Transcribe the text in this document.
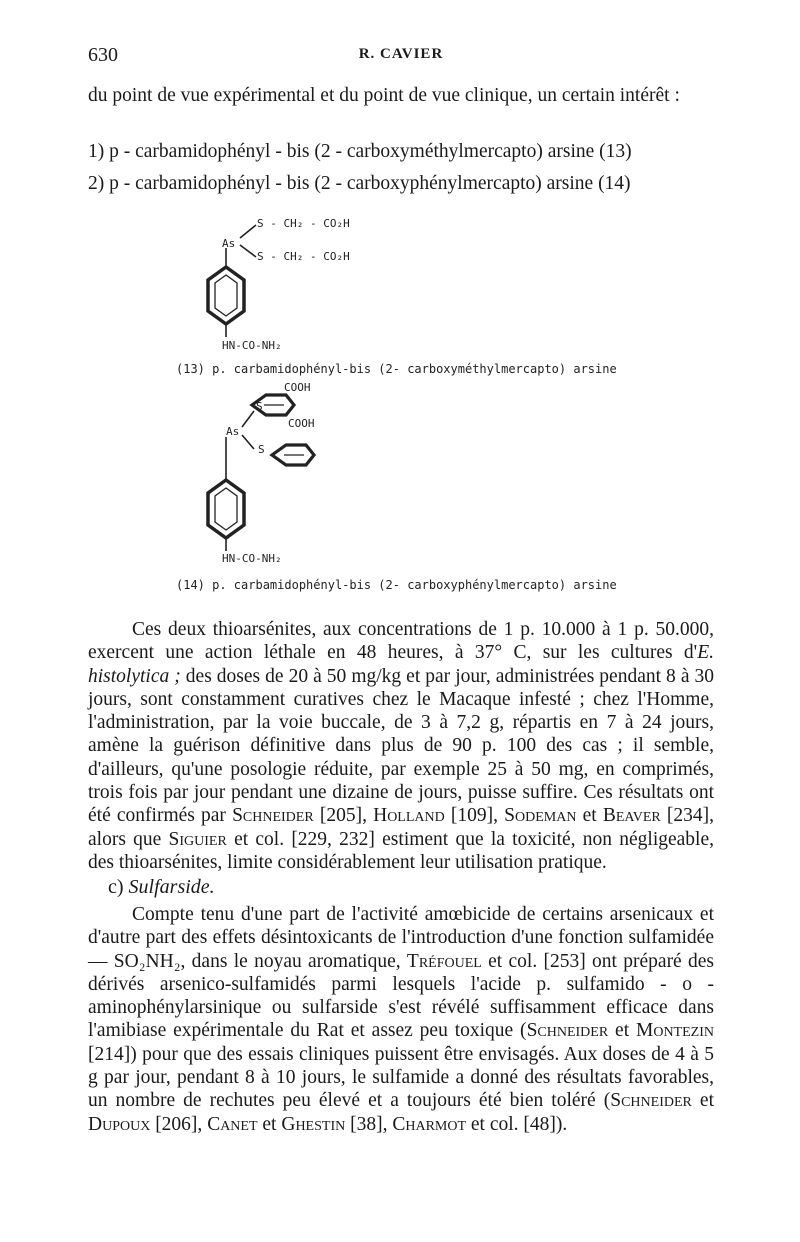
630	R. CAVIER

du point de vue expérimental et du point de vue clinique, un certain intérêt :

1) p - carbamidophényl - bis (2 - carboxyméthylmercapto) arsine (13)
2) p - carbamidophényl - bis (2 - carboxyphénylmercapto) arsine (14)
S - CH₂ - CO₂H
S - CH₂ - CO₂H
As
HN-CO-NH₂
(13) p. carbamidophényl-bis (2- carboxyméthylmercapto) arsine
COOH
COOH
S
S
As
HN-CO-NH₂
(14) p. carbamidophényl-bis (2- carboxyphénylmercapto) arsine

Ces deux thioarsénites, aux concentrations de 1 p. 10.000 à 1 p. 50.000, exercent une action léthale en 48 heures, à 37° C, sur les cultures d'E. histolytica ; des doses de 20 à 50 mg/kg et par jour, administrées pendant 8 à 30 jours, sont constamment curatives chez le Macaque infesté ; chez l'Homme, l'administration, par la voie buccale, de 3 à 7,2 g, répartis en 7 à 24 jours, amène la guérison définitive dans plus de 90 p. 100 des cas ; il semble, d'ailleurs, qu'une posologie réduite, par exemple 25 à 50 mg, en comprimés, trois fois par jour pendant une dizaine de jours, puisse suffire. Ces résultats ont été confirmés par Schneider [205], Holland [109], Sodeman et Beaver [234], alors que Siguier et col. [229, 232] estiment que la toxicité, non négligeable, des thioarsénites, limite considérablement leur utilisation pratique.

c) Sulfarside.

Compte tenu d'une part de l'activité amœbicide de certains arsenicaux et d'autre part des effets désintoxicants de l'introduction d'une fonction sulfamidée — SO₂NH₂, dans le noyau aromatique, Tréfouel et col. [253] ont préparé des dérivés arsenico-sulfamidés parmi lesquels l'acide p. sulfamido - o - aminophénylarsinique ou sulfarside s'est révélé suffisamment efficace dans l'amibiase expérimentale du Rat et assez peu toxique (Schneider et Montezin [214]) pour que des essais cliniques puissent être envisagés. Aux doses de 4 à 5 g par jour, pendant 8 à 10 jours, le sulfamide a donné des résultats favorables, un nombre de rechutes peu élevé et a toujours été bien toléré (Schneider et Dupoux [206], Canet et Ghestin [38], Charmot et col. [48]).
